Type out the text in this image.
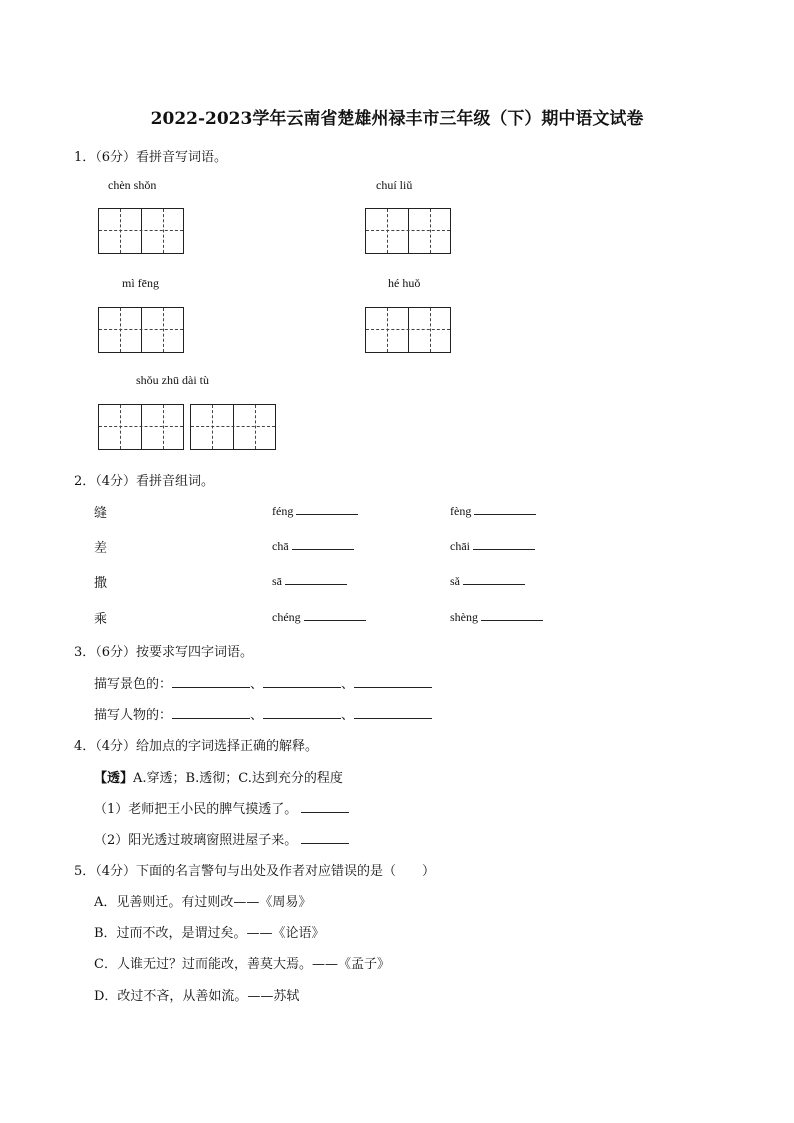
2022-2023学年云南省楚雄州禄丰市三年级（下）期中语文试卷
1．（6分）看拼音写词语。
chèn shǒn	chuí liǔ
mì fēng	hé huǒ
shǒu zhū dài tù
2．（4分）看拼音组词。
缝	féng	fèng
差	chā	chāi
撒	sā	sǎ
乘	chéng	shèng
3．（6分）按要求写四字词语。
描写景色的：	、	、
描写人物的：	、	、
4．（4分）给加点的字词选择正确的解释。
【透】A.穿透；B.透彻；C.达到充分的程度
（1）老师把王小民的脾气摸透了。
（2）阳光透过玻璃窗照进屋子来。
5．（4分）下面的名言警句与出处及作者对应错误的是（　　）
A．见善则迁。有过则改——《周易》
B．过而不改，是谓过矣。——《论语》
C．人谁无过？过而能改，善莫大焉。——《孟子》
D．改过不吝，从善如流。——苏轼
